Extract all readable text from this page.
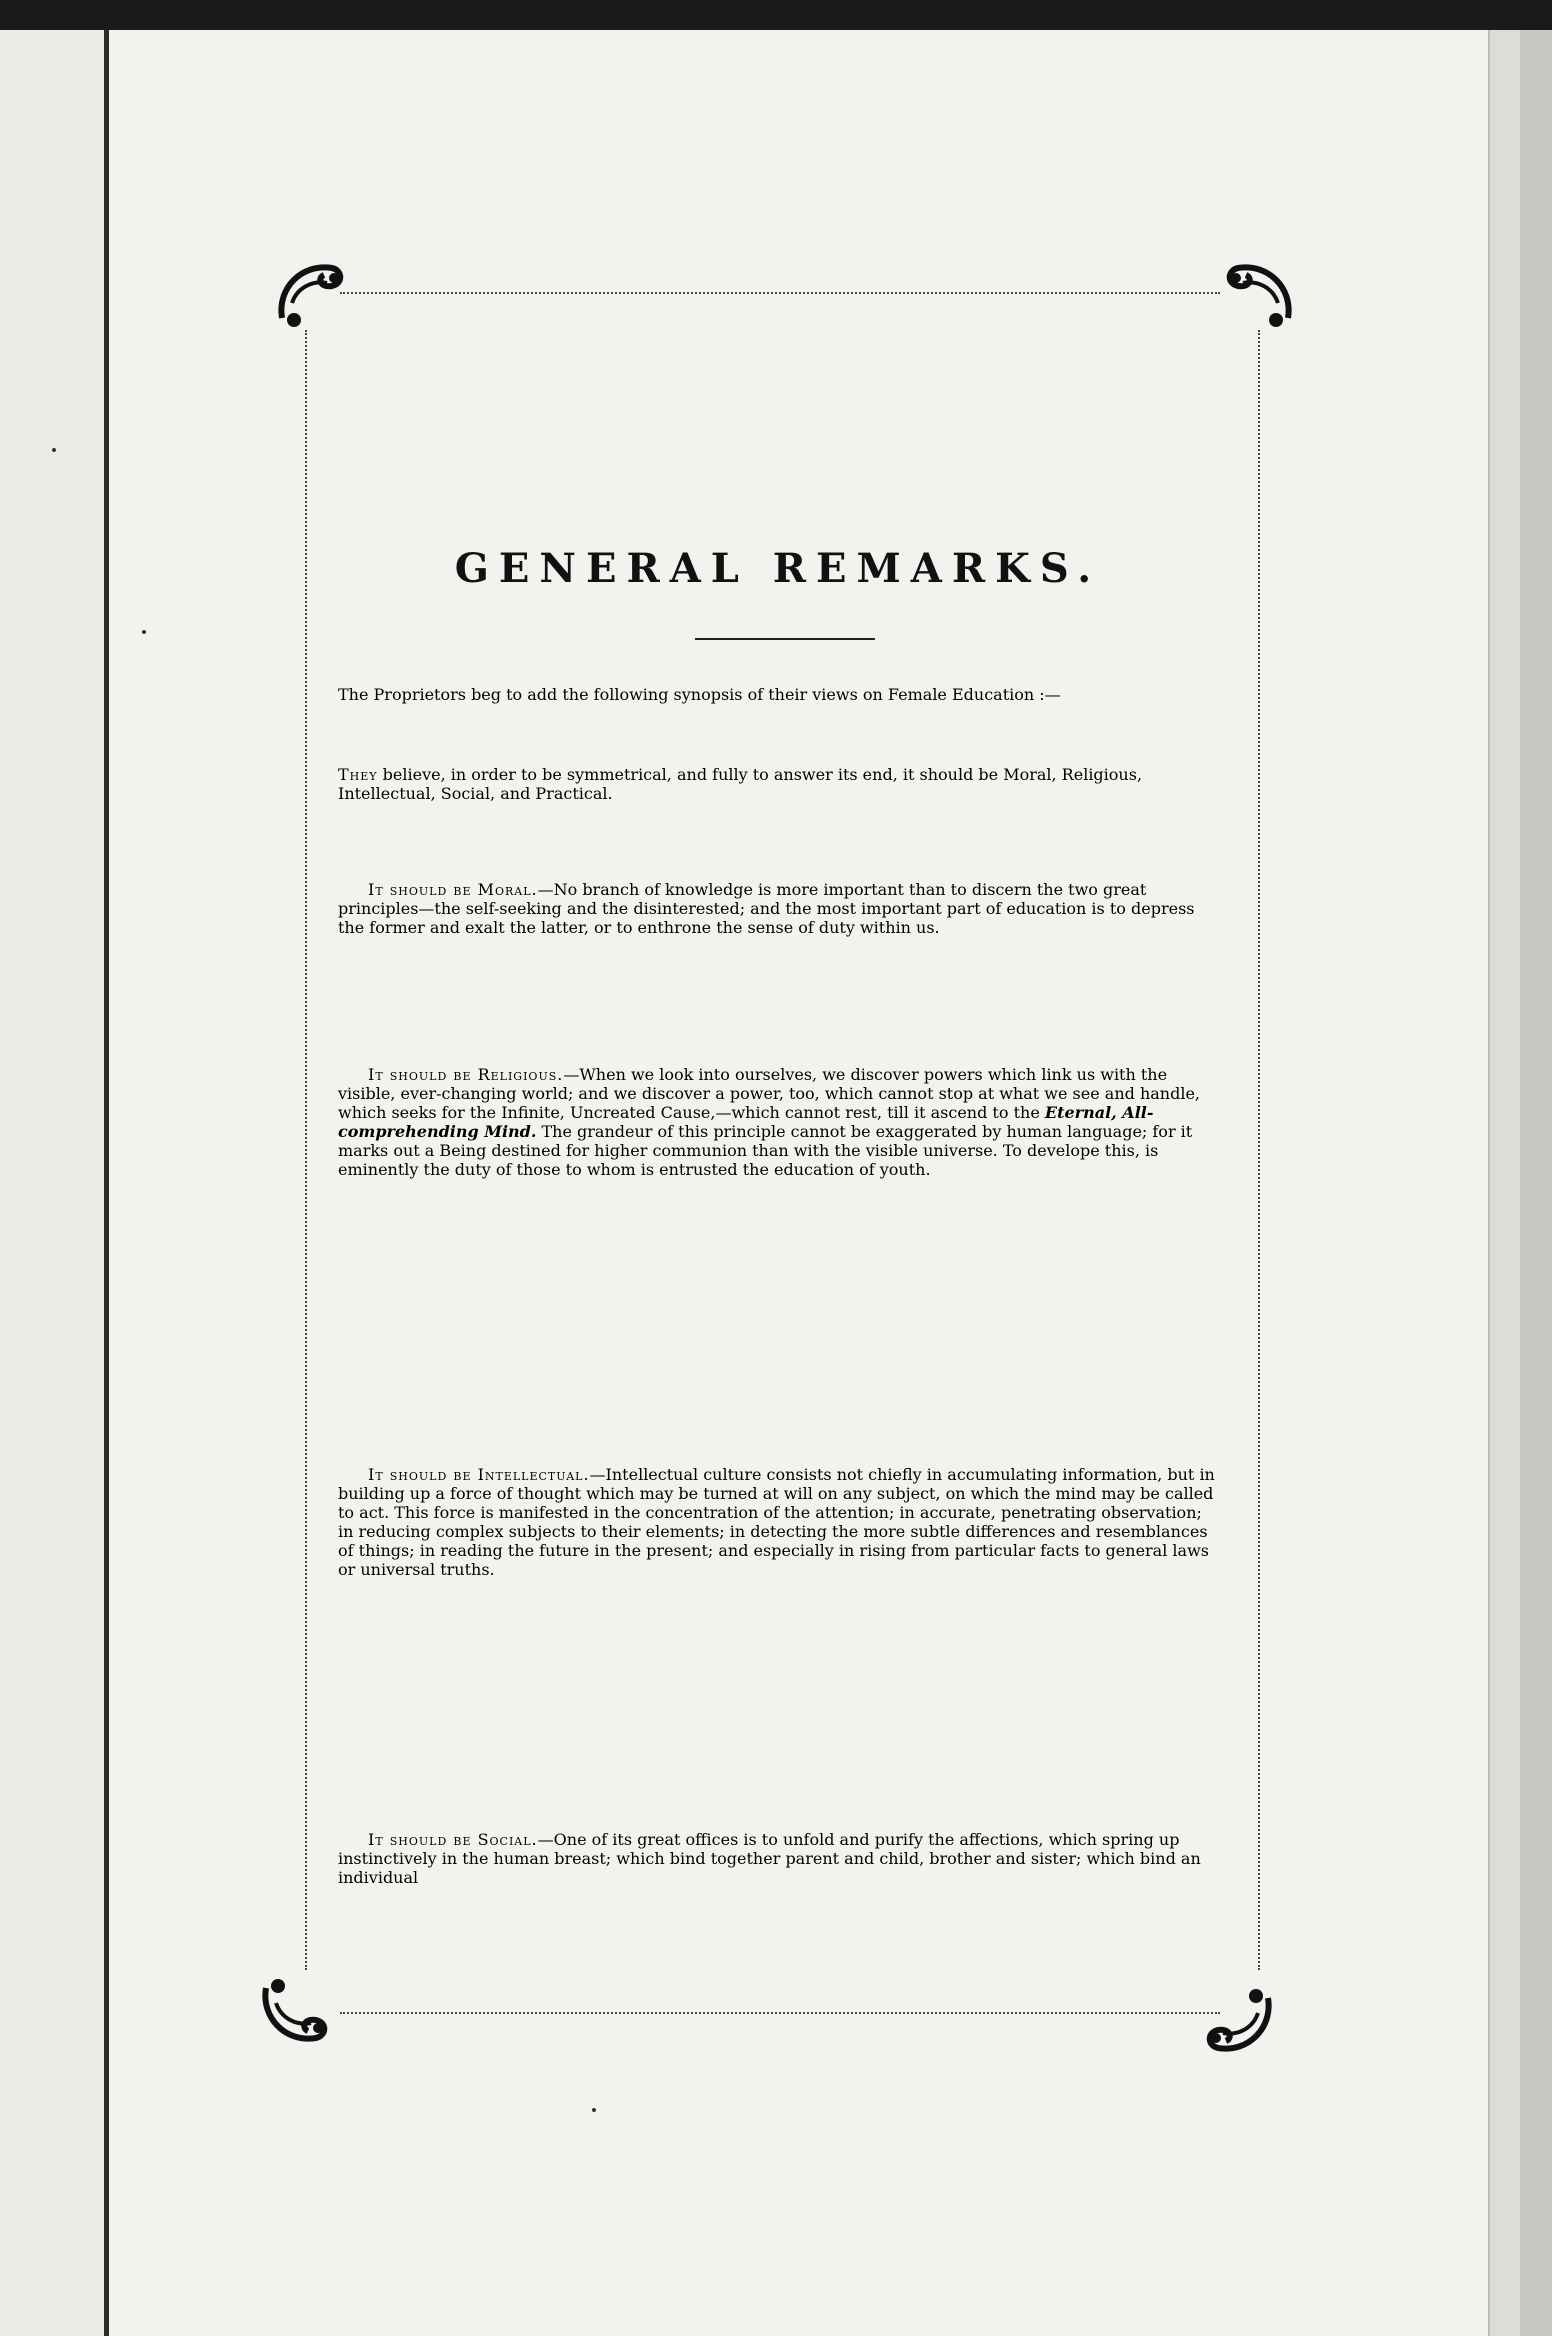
GENERAL REMARKS.

The Proprietors beg to add the following synopsis of their views on Female Education :—

They believe, in order to be symmetrical, and fully to answer its end, it should be Moral, Religious, Intellectual, Social, and Practical.

It should be Moral.—No branch of knowledge is more important than to discern the two great principles—the self-seeking and the disinterested; and the most important part of education is to depress the former and exalt the latter, or to enthrone the sense of duty within us.

It should be Religious.—When we look into ourselves, we discover powers which link us with the visible, ever-changing world; and we discover a power, too, which cannot stop at what we see and handle, which seeks for the Infinite, Uncreated Cause,—which cannot rest, till it ascend to the Eternal, All-comprehending Mind. The grandeur of this principle cannot be exaggerated by human language; for it marks out a Being destined for higher communion than with the visible universe. To develope this, is eminently the duty of those to whom is entrusted the education of youth.

It should be Intellectual.—Intellectual culture consists not chiefly in accumulating information, but in building up a force of thought which may be turned at will on any subject, on which the mind may be called to act. This force is manifested in the concentration of the attention; in accurate, penetrating observation; in reducing complex subjects to their elements; in detecting the more subtle differences and resemblances of things; in reading the future in the present; and especially in rising from particular facts to general laws or universal truths.

It should be Social.—One of its great offices is to unfold and purify the affections, which spring up instinctively in the human breast; which bind together parent and child, brother and sister; which bind an individual
